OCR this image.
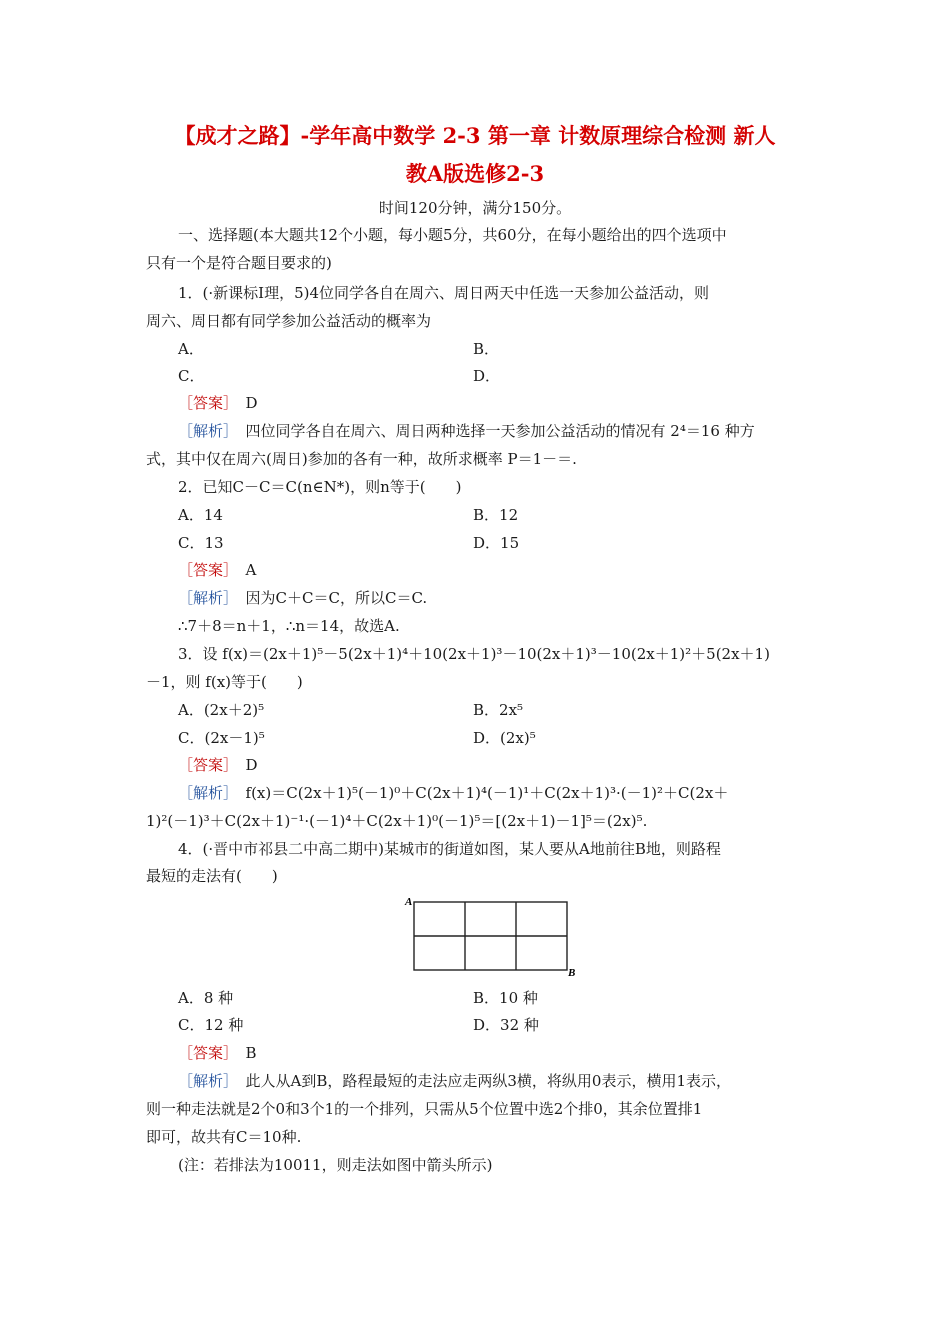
【成才之路】-学年高中数学 2-3 第一章 计数原理综合检测 新人
教A版选修2-3
时间120分钟，满分150分。
一、选择题(本大题共12个小题，每小题5分，共60分，在每小题给出的四个选项中
只有一个是符合题目要求的)
1．(·新课标Ⅰ理，5)4位同学各自在周六、周日两天中任选一天参加公益活动，则
周六、周日都有同学参加公益活动的概率为
A．	B．
C．	D．
［答案］　 D
［解析］　 四位同学各自在周六、周日两种选择一天参加公益活动的情况有 2⁴＝16 种方
式，其中仅在周六(周日)参加的各有一种，故所求概率 P＝1－＝.
2．已知C－C＝C(n∈N*)，则n等于(　　)
A．14	B．12
C．13	D．15
［答案］　 A
［解析］　 因为C＋C＝C，所以C＝C.
∴7＋8＝n＋1，∴n＝14，故选A.
3．设 f(x)＝(2x＋1)⁵－5(2x＋1)⁴＋10(2x＋1)³－10(2x＋1)³－10(2x＋1)²＋5(2x＋1)
－1，则 f(x)等于(　　)
A．(2x＋2)⁵	B．2x⁵
C．(2x－1)⁵	D．(2x)⁵
［答案］　 D
［解析］　 f(x)＝C(2x＋1)⁵(－1)⁰＋C(2x＋1)⁴(－1)¹＋C(2x＋1)³·(－1)²＋C(2x＋
1)²(－1)³＋C(2x＋1)⁻¹·(－1)⁴＋C(2x＋1)⁰(－1)⁵＝[(2x＋1)－1]⁵＝(2x)⁵.
4．(·晋中市祁县二中高二期中)某城市的街道如图，某人要从A地前往B地，则路程
最短的走法有(　　)
A
B
A．8 种	B．10 种
C．12 种	D．32 种
［答案］　 B
［解析］　 此人从A到B，路程最短的走法应走两纵3横，将纵用0表示，横用1表示，
则一种走法就是2个0和3个1的一个排列，只需从5个位置中选2个排0，其余位置排1
即可，故共有C＝10种.
(注：若排法为10011，则走法如图中箭头所示)
